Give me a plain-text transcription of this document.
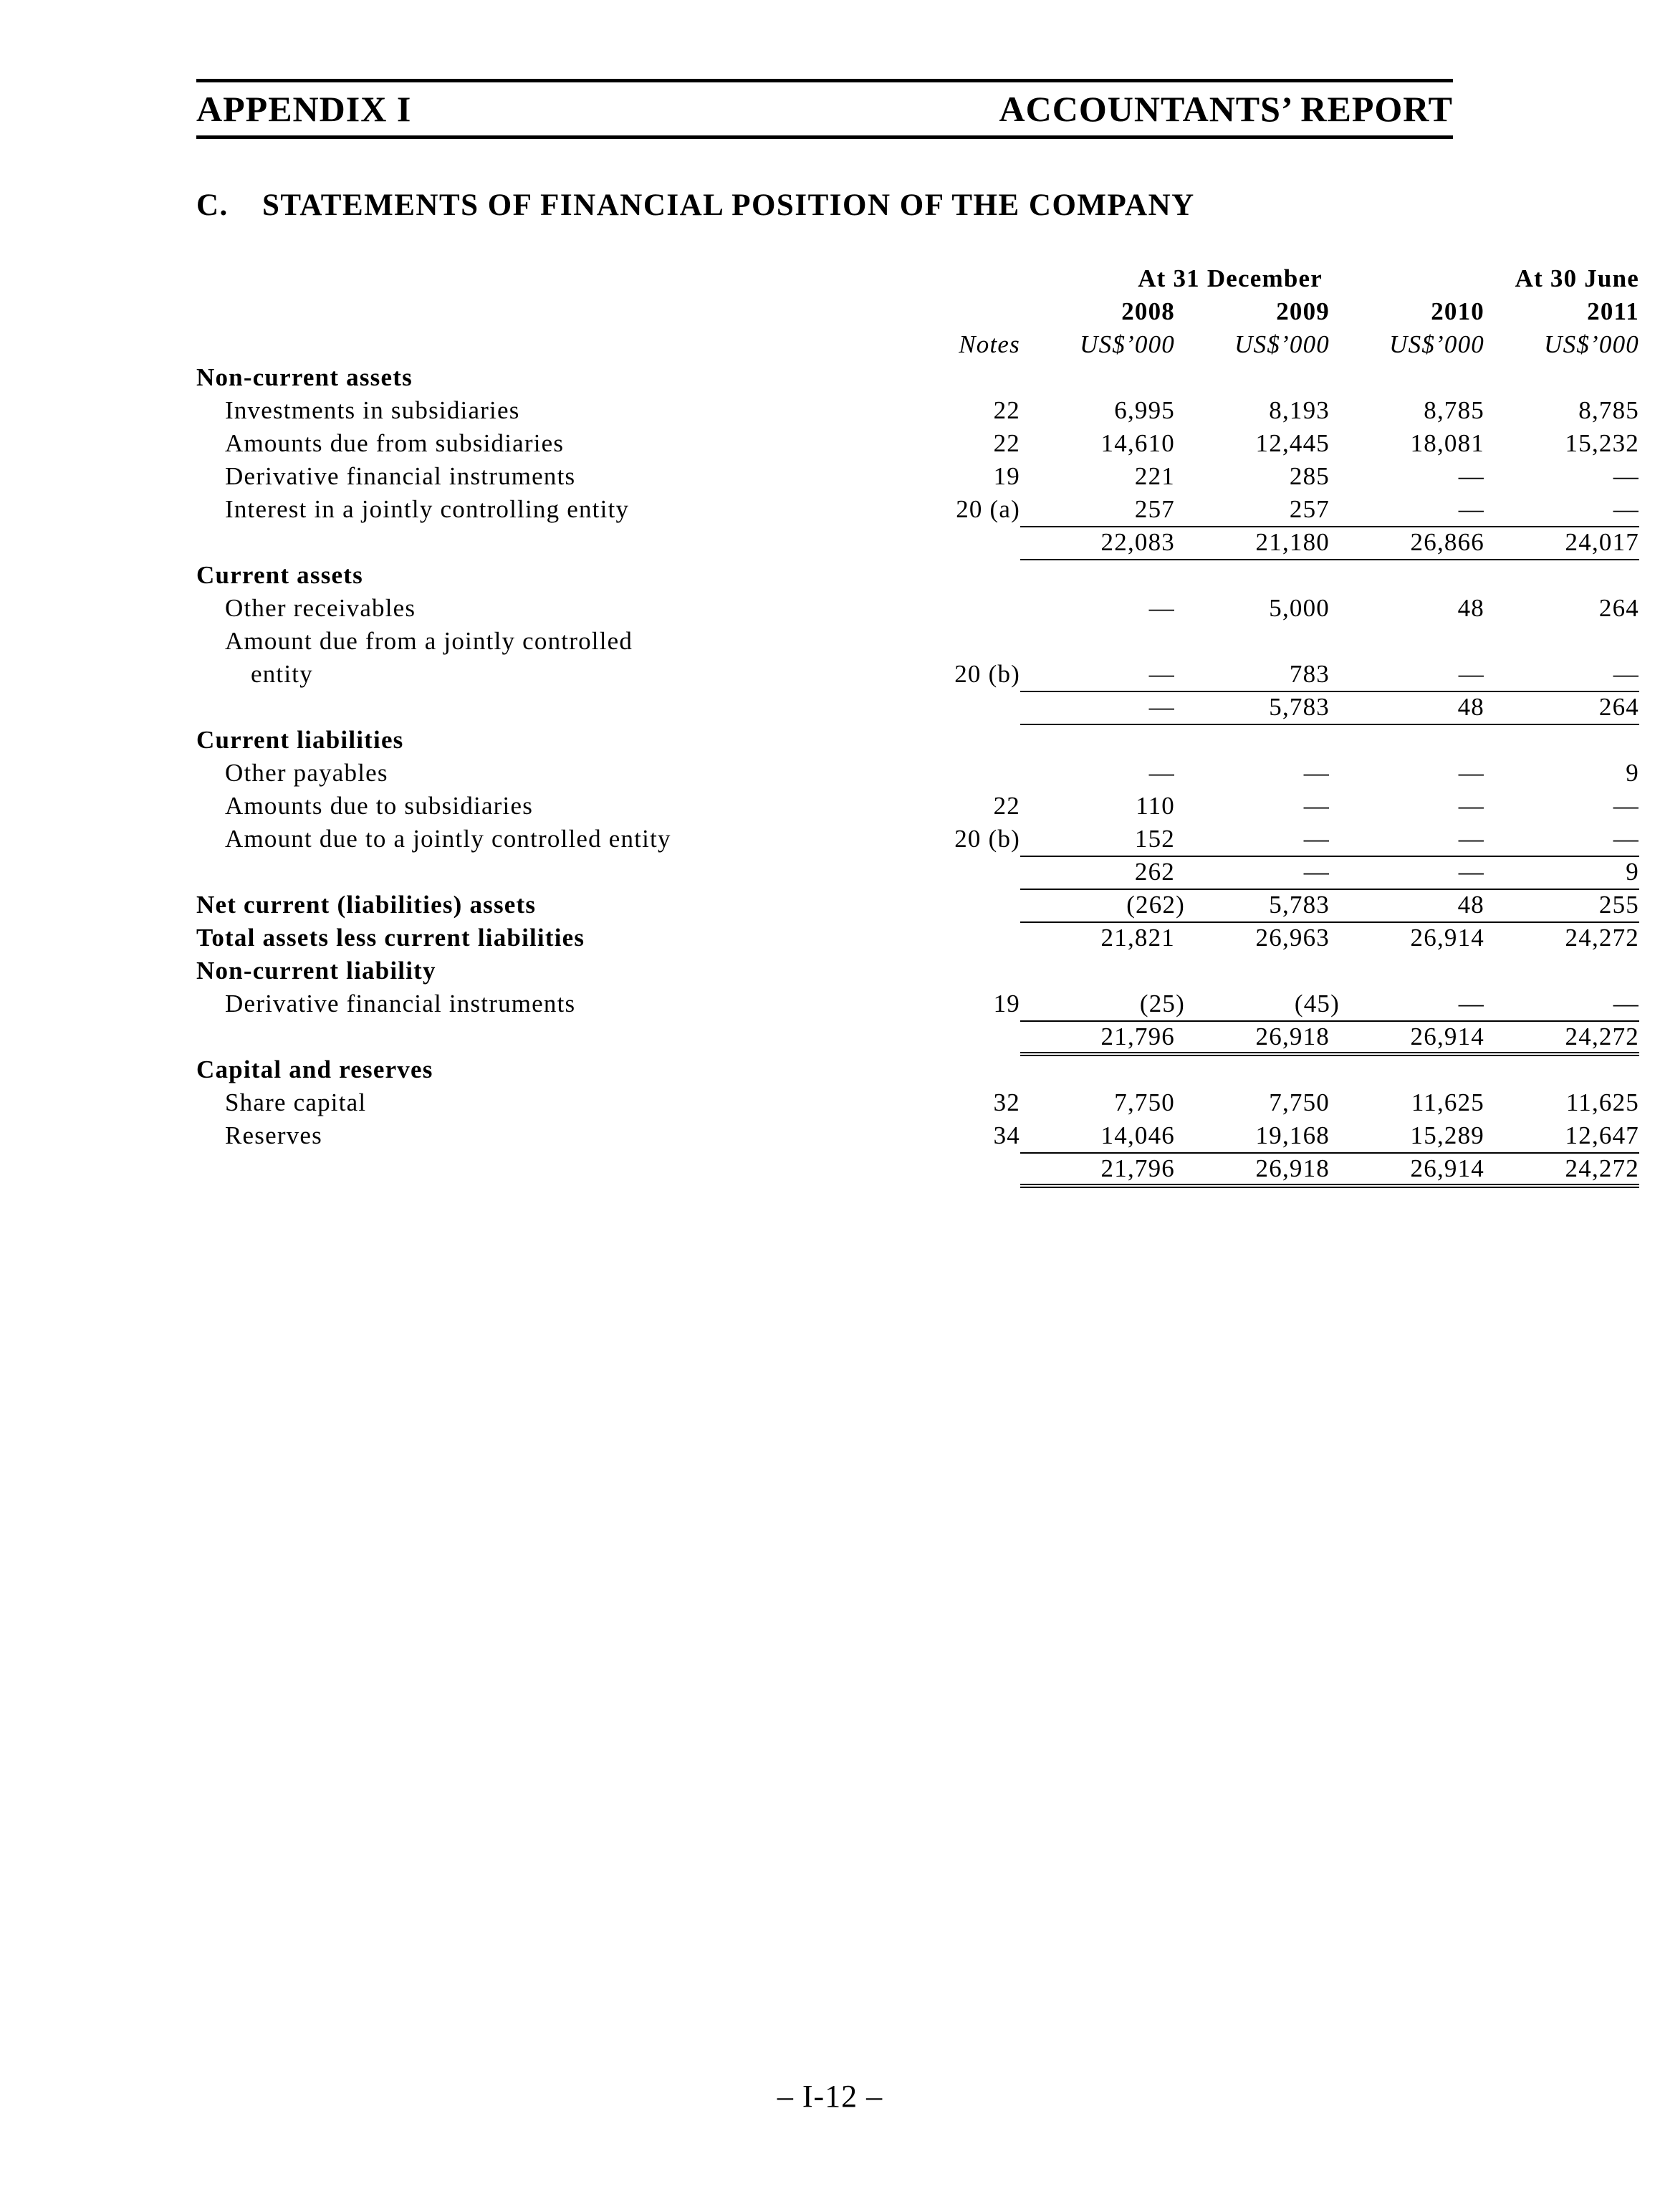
APPENDIX I	ACCOUNTANTS’ REPORT
C. STATEMENTS OF FINANCIAL POSITION OF THE COMPANY
		At 31 December			At 30 June
		2008	2009	2010	2011
	Notes	US$’000	US$’000	US$’000	US$’000
Non-current assets					
Investments in subsidiaries	22	6,995	8,193	8,785	8,785
Amounts due from subsidiaries	22	14,610	12,445	18,081	15,232
Derivative financial instruments	19	221	285	—	—
Interest in a jointly controlling entity	20 (a)	257	257	—	—

		22,083	21,180	26,866	24,017

Current assets					
Other receivables		—	5,000	48	264
Amount due from a jointly controlled					
entity	20 (b)	—	783	—	—

		—	5,783	48	264

Current liabilities					
Other payables		—	—	—	9
Amounts due to subsidiaries	22	110	—	—	—
Amount due to a jointly controlled entity	20 (b)	152	—	—	—

		262	—	—	9

Net current (liabilities) assets		(262)	5,783	48	255

Total assets less current liabilities		21,821	26,963	26,914	24,272
Non-current liability					
Derivative financial instruments	19	(25)	(45)	—	—

		21,796	26,918	26,914	24,272

Capital and reserves					
Share capital	32	7,750	7,750	11,625	11,625
Reserves	34	14,046	19,168	15,289	12,647

		21,796	26,918	26,914	24,272
– I-12 –
